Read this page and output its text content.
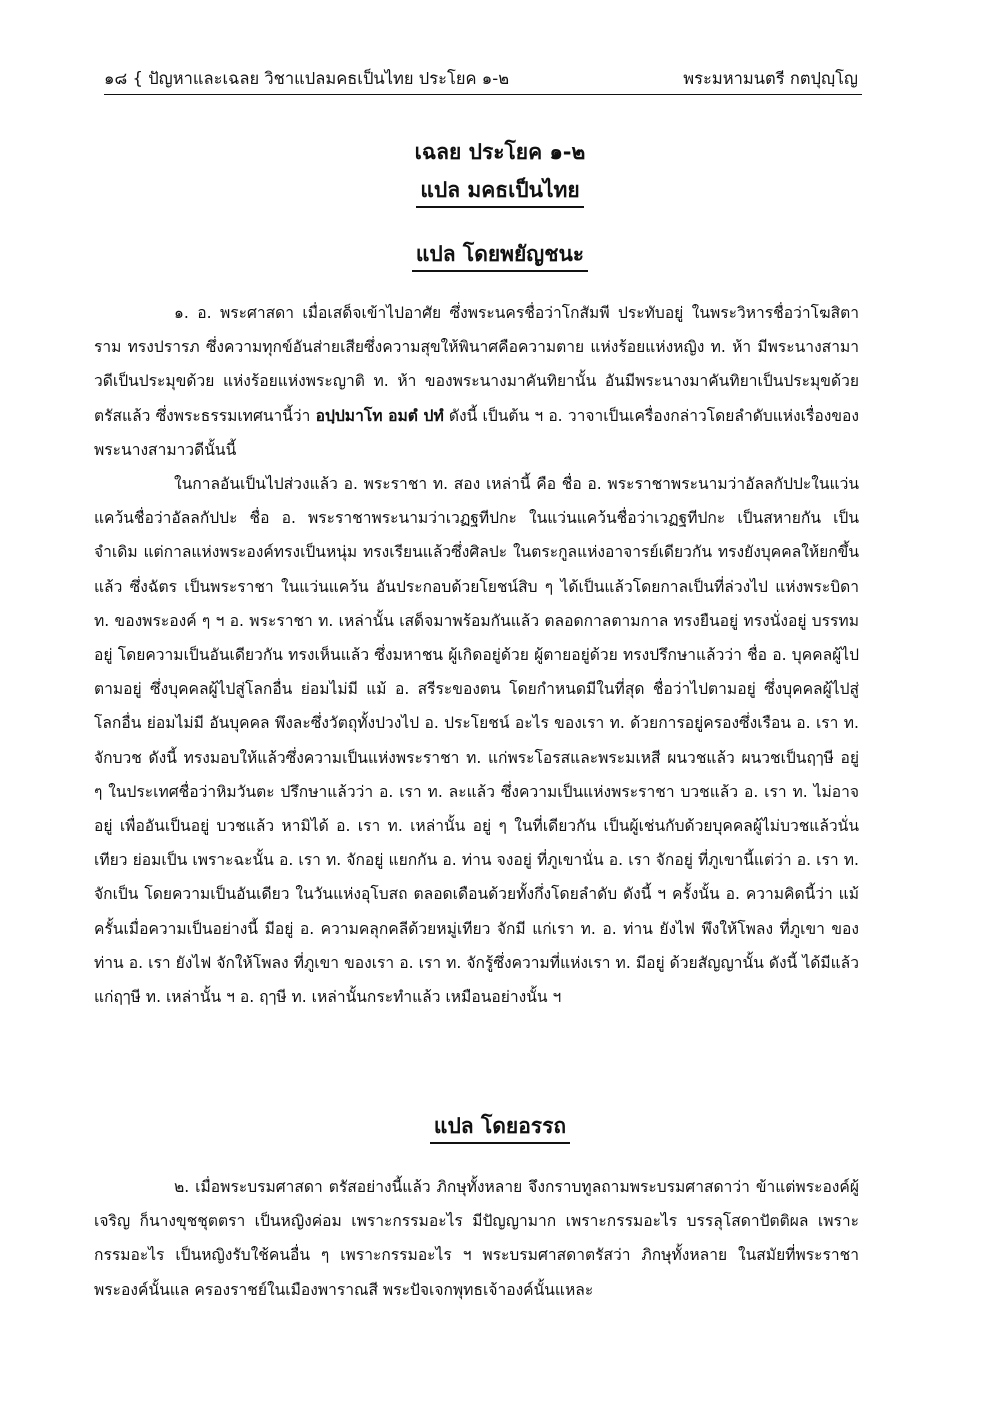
๑๘ { ปัญหาและเฉลย วิชาแปลมคธเป็นไทย ประโยค ๑-๒	พระมหามนตรี กตปุญฺโญ
เฉลย ประโยค ๑-๒
แปล มคธเป็นไทย
แปล โดยพยัญชนะ

๑. อ. พระศาสดา เมื่อเสด็จเข้าไปอาศัย ซึ่งพระนครชื่อว่าโกสัมพี ประทับอยู่ ในพระวิหารชื่อว่าโฆสิตาราม ทรงปรารภ ซึ่งความทุกข์อันส่ายเสียซึ่งความสุขให้พินาศคือความตาย แห่งร้อยแห่งหญิง ท. ห้า มีพระนางสามาวดีเป็นประมุขด้วย แห่งร้อยแห่งพระญาติ ท. ห้า ของพระนางมาคันทิยานั้น อันมีพระนางมาคันทิยาเป็นประมุขด้วย ตรัสแล้ว ซึ่งพระธรรมเทศนานี้ว่า อปฺปมาโท อมตํ ปทํ ดังนี้ เป็นต้น ฯ อ. วาจาเป็นเครื่องกล่าวโดยลำดับแห่งเรื่องของพระนางสามาวดีนั้นนี้

ในกาลอันเป็นไปส่วงแล้ว อ. พระราชา ท. สอง เหล่านี้ คือ ชื่อ อ. พระราชาพระนามว่าอัลลกัปปะในแว่นแคว้นชื่อว่าอัลลกัปปะ ชื่อ อ. พระราชาพระนามว่าเวฏฐทีปกะ ในแว่นแคว้นชื่อว่าเวฏฐทีปกะ เป็นสหายกัน เป็น จำเดิม แต่กาลแห่งพระองค์ทรงเป็นหนุ่ม ทรงเรียนแล้วซึ่งศิลปะ ในตระกูลแห่งอาจารย์เดียวกัน ทรงยังบุคคลให้ยกขึ้นแล้ว ซึ่งฉัตร เป็นพระราชา ในแว่นแคว้น อันประกอบด้วยโยชน์สิบ ๆ ได้เป็นแล้วโดยกาลเป็นที่ล่วงไป แห่งพระบิดา ท. ของพระองค์ ๆ ฯ อ. พระราชา ท. เหล่านั้น เสด็จมาพร้อมกันแล้ว ตลอดกาลตามกาล ทรงยืนอยู่ ทรงนั่งอยู่ บรรทมอยู่ โดยความเป็นอันเดียวกัน ทรงเห็นแล้ว ซึ่งมหาชน ผู้เกิดอยู่ด้วย ผู้ตายอยู่ด้วย ทรงปรึกษาแล้วว่า ชื่อ อ. บุคคลผู้ไปตามอยู่ ซึ่งบุคคลผู้ไปสู่โลกอื่น ย่อมไม่มี แม้ อ. สรีระของตน โดยกำหนดมีในที่สุด ชื่อว่าไปตามอยู่ ซึ่งบุคคลผู้ไปสู่โลกอื่น ย่อมไม่มี อันบุคคล พึงละซึ่งวัตถุทั้งปวงไป อ. ประโยชน์ อะไร ของเรา ท. ด้วยการอยู่ครองซึ่งเรือน อ. เรา ท. จักบวช ดังนี้ ทรงมอบให้แล้วซึ่งความเป็นแห่งพระราชา ท. แก่พระโอรสและพระมเหสี ผนวชแล้ว ผนวชเป็นฤๅษี อยู่ ๆ ในประเทศชื่อว่าหิมวันตะ ปรึกษาแล้วว่า อ. เรา ท. ละแล้ว ซึ่งความเป็นแห่งพระราชา บวชแล้ว อ. เรา ท. ไม่อาจอยู่ เพื่ออันเป็นอยู่ บวชแล้ว หามิได้ อ. เรา ท. เหล่านั้น อยู่ ๆ ในที่เดียวกัน เป็นผู้เช่นกับด้วยบุคคลผู้ไม่บวชแล้วนั่นเทียว ย่อมเป็น เพราะฉะนั้น อ. เรา ท. จักอยู่ แยกกัน อ. ท่าน จงอยู่ ที่ภูเขานั่น อ. เรา จักอยู่ ที่ภูเขานี้แต่ว่า อ. เรา ท. จักเป็น โดยความเป็นอันเดียว ในวันแห่งอุโบสถ ตลอดเดือนด้วยทั้งกึ่งโดยลำดับ ดังนี้ ฯ ครั้งนั้น อ. ความคิดนี้ว่า แม้ครั้นเมื่อความเป็นอย่างนี้ มีอยู่ อ. ความคลุกคลีด้วยหมู่เทียว จักมี แก่เรา ท. อ. ท่าน ยังไฟ พึงให้โพลง ที่ภูเขา ของท่าน อ. เรา ยังไฟ จักให้โพลง ที่ภูเขา ของเรา อ. เรา ท. จักรู้ซึ่งความที่แห่งเรา ท. มีอยู่ ด้วยสัญญานั้น ดังนี้ ได้มีแล้วแก่ฤๅษี ท. เหล่านั้น ฯ อ. ฤๅษี ท. เหล่านั้นกระทำแล้ว เหมือนอย่างนั้น ฯ

แปล โดยอรรถ

๒. เมื่อพระบรมศาสดา ตรัสอย่างนี้แล้ว ภิกษุทั้งหลาย จึงกราบทูลถามพระบรมศาสดาว่า ข้าแต่พระองค์ผู้เจริญ ก็นางขุชชุตตรา เป็นหญิงค่อม เพราะกรรมอะไร มีปัญญามาก เพราะกรรมอะไร บรรลุโสดาปัตติผล เพราะกรรมอะไร เป็นหญิงรับใช้คนอื่น ๆ เพราะกรรมอะไร ฯ พระบรมศาสดาตรัสว่า ภิกษุทั้งหลาย ในสมัยที่พระราชาพระองค์นั้นแล ครองราชย์ในเมืองพาราณสี พระปัจเจกพุทธเจ้าองค์นั้นแหละ
